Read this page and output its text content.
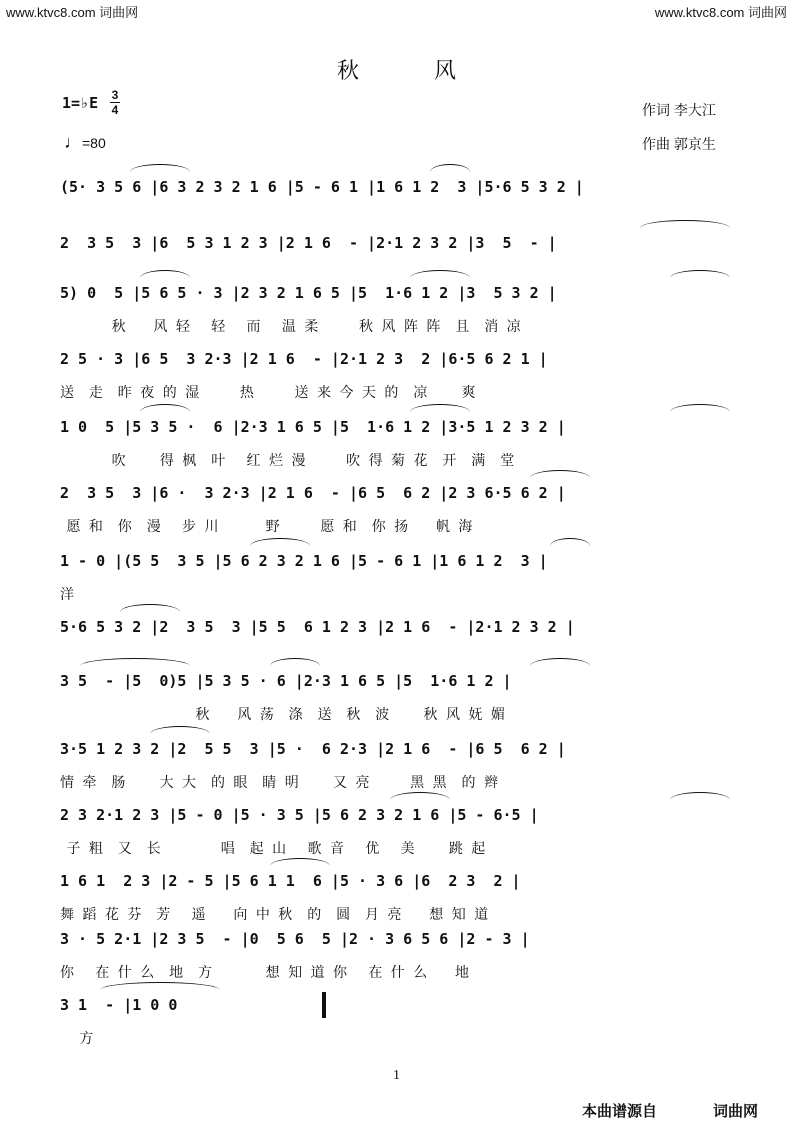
www.ktvc8.com 词曲网	www.ktvc8.com 词曲网
秋 风
1=♭E 3
4
♩=80
作词 李大江
作曲 郭京生
(5· 3 5 6 |6 3 2 3 2 1 6 |5 - 6 1 |1 6 1 2  3 |5·6 5 3 2 |
2  3 5  3 |6  5 3 1 2 3 |2 1 6  - |2·1 2 3 2 |3  5  - |
5) 0  5 |5 6 5 · 3 |2 3 2 1 6 5 |5  1·6 1 2 |3  5 3 2 |
秋    风 轻   轻   而   温 柔      秋 风 阵 阵  且  消 凉
2 5 · 3 |6 5  3 2·3 |2 1 6  - |2·1 2 3  2 |6·5 6 2 1 |
送  走  昨 夜 的 湿      热      送 来 今 天 的  凉     爽
1 0  5 |5 3 5 ·  6 |2·3 1 6 5 |5  1·6 1 2 |3·5 1 2 3 2 |
吹     得 枫  叶   红 烂 漫      吹 得 菊 花  开  满  堂
2  3 5  3 |6 ·  3 2·3 |2 1 6  - |6 5  6 2 |2 3 6·5 6 2 |
愿 和  你  漫   步 川       野      愿 和  你 扬    帆 海
1 - 0 |(5 5  3 5 |5 6 2 3 2 1 6 |5 - 6 1 |1 6 1 2  3 |
洋
5·6 5 3 2 |2  3 5  3 |5 5  6 1 2 3 |2 1 6  - |2·1 2 3 2 |
3 5  - |5  0)5 |5 3 5 · 6 |2·3 1 6 5 |5  1·6 1 2 |
秋    风 荡  涤  送  秋  波     秋 风 妩 媚
3·5 1 2 3 2 |2  5 5  3 |5 ·  6 2·3 |2 1 6  - |6 5  6 2 |
情 牵  肠     大 大  的 眼  睛 明     又 亮      黑 黑  的 辫
2 3 2·1 2 3 |5 - 0 |5 · 3 5 |5 6 2 3 2 1 6 |5 - 6·5 |
子 粗  又  长         唱  起 山   歌 音   优   美     跳 起
1 6 1  2 3 |2 - 5 |5 6 1 1  6 |5 · 3 6 |6  2 3  2 |
舞 蹈 花 芬  芳   遥    向 中 秋  的  圆  月 亮    想 知 道
3 · 5 2·1 |2 3 5  - |0  5 6  5 |2 · 3 6 5 6 |2 - 3 |
你   在 什 么  地  方        想 知 道 你   在 什 么    地
3 1  - |1 0 0
方
1
本曲谱源自	词曲网
